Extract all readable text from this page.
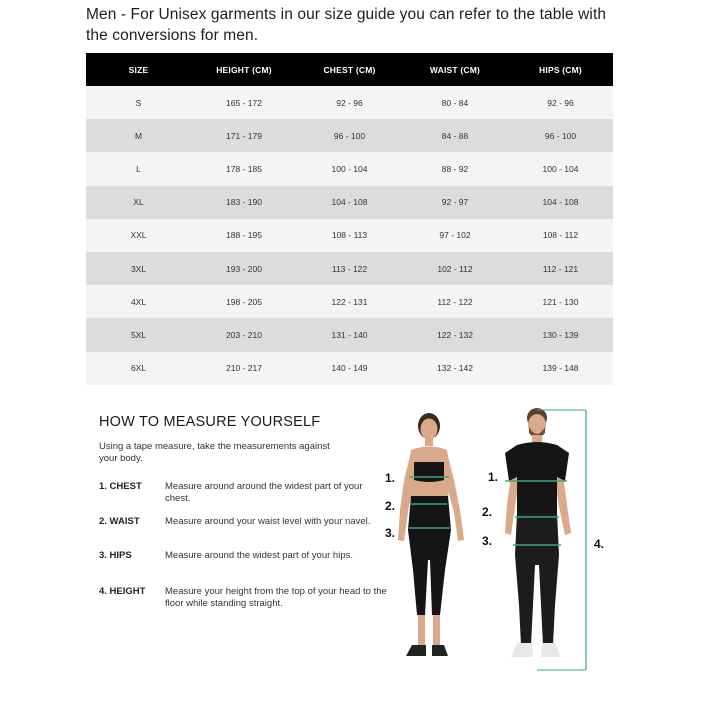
Men - For Unisex garments in our size guide you can refer to the table with the conversions for men.
SIZE	HEIGHT (CM)	CHEST (CM)	WAIST (CM)	HIPS (CM)
S	165 - 172	92 - 96	80 - 84	92 - 96
M	171 - 179	96 - 100	84 - 88	96 - 100
L	178 - 185	100 - 104	88 - 92	100 - 104
XL	183 - 190	104 - 108	92 - 97	104 - 108
XXL	188 - 195	108 - 113	97 - 102	108 - 112
3XL	193 - 200	113 - 122	102 - 112	112 - 121
4XL	198 - 205	122 - 131	112 - 122	121 - 130
5XL	203 - 210	131 - 140	122 - 132	130 - 139
6XL	210 - 217	140 - 149	132 - 142	139 - 148
HOW TO MEASURE YOURSELF
Using a tape measure, take the measurements against your body.
1. CHEST Measure around around the widest part of your chest.
2. WAIST	Measure around your waist level with your navel.
3. HIPS	Measure around the widest part of your hips.
4. HEIGHT Measure your height from the top of your head to the floor while standing straight.
1.
2.
3.
1.
2.
3.	4.
